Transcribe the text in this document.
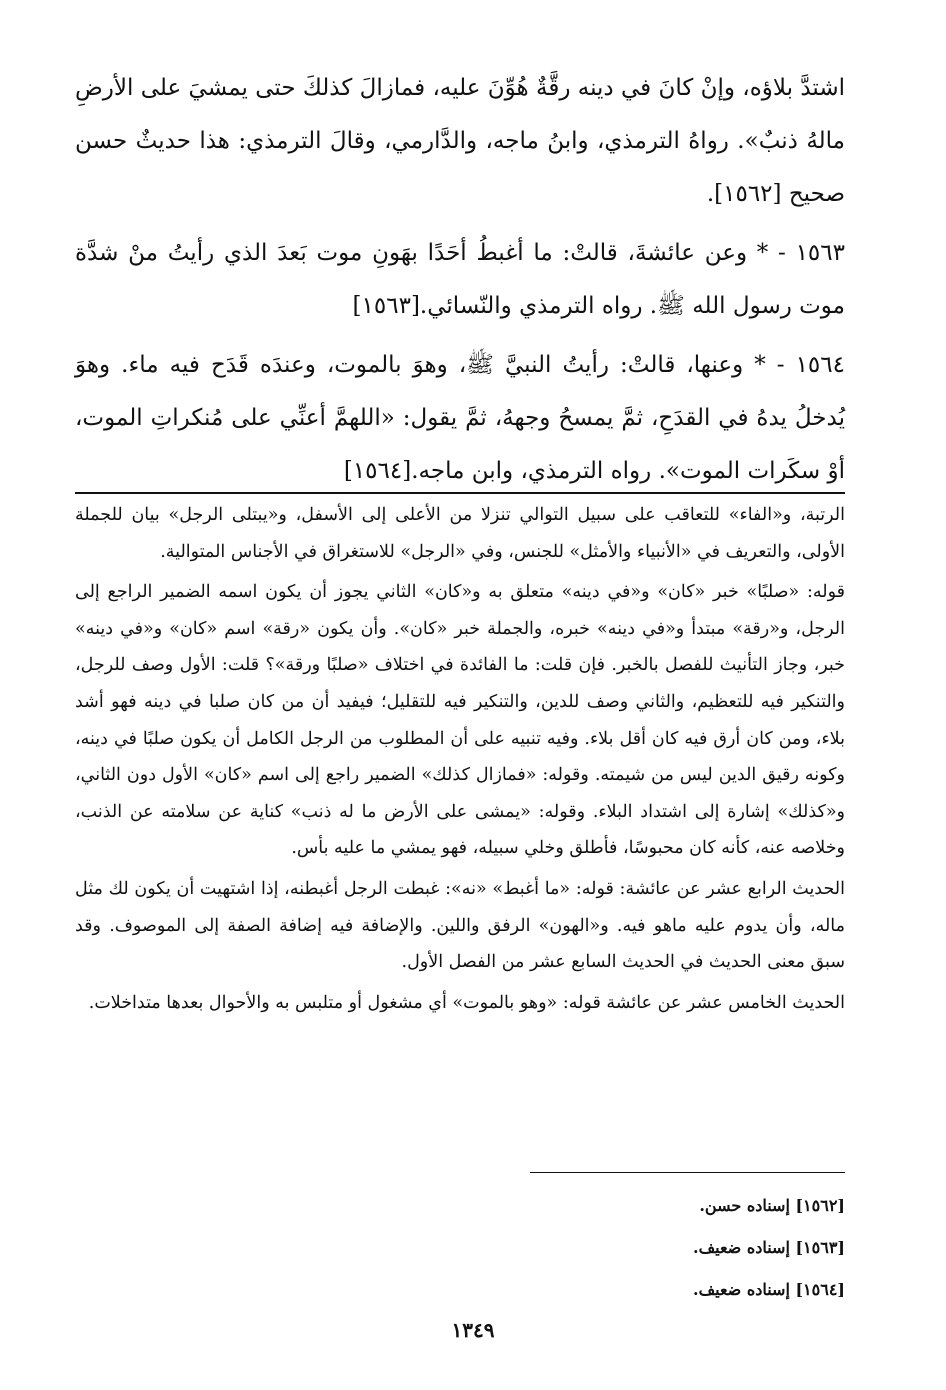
اشتدَّ بلاؤه، وإنْ كانَ في دينه رقَّةٌ هُوِّنَ عليه، فمازالَ كذلكَ حتى يمشيَ على الأرضِ مالهُ ذنبٌ». رواهُ الترمذي، وابنُ ماجه، والدَّارمي، وقالَ الترمذي: هذا حديثٌ حسن صحيح [١٥٦٢].

١٥٦٣ - * وعن عائشةَ، قالتْ: ما أغبطُ أحَدًا بهَونِ موت بَعدَ الذي رأيتُ منْ شدَّة موت رسول الله ﷺ. رواه الترمذي والنّسائي.[١٥٦٣]

١٥٦٤ - * وعنها، قالتْ: رأيتُ النبيَّ ﷺ، وهوَ بالموت، وعندَه قَدَح فيه ماء. وهوَ يُدخلُ يدهُ في القدَحِ، ثمَّ يمسحُ وجههُ، ثمَّ يقول: «اللهمَّ أعنِّي على مُنكراتِ الموت، أوْ سكَرات الموت». رواه الترمذي، وابن ماجه.[١٥٦٤]

الرتبة، و«الفاء» للتعاقب على سبيل التوالي تنزلا من الأعلى إلى الأسفل، و«يبتلى الرجل» بيان للجملة الأولى، والتعريف في «الأنبياء والأمثل» للجنس، وفي «الرجل» للاستغراق في الأجناس المتوالية.

قوله: «صلبًا» خبر «كان» و«في دينه» متعلق به و«كان» الثاني يجوز أن يكون اسمه الضمير الراجع إلى الرجل، و«رقة» مبتدأ و«في دينه» خبره، والجملة خبر «كان». وأن يكون «رقة» اسم «كان» و«في دينه» خبر، وجاز التأنيث للفصل بالخبر. فإن قلت: ما الفائدة في اختلاف «صلبًا ورقة»؟ قلت: الأول وصف للرجل، والتنكير فيه للتعظيم، والثاني وصف للدين، والتنكير فيه للتقليل؛ فيفيد أن من كان صلبا في دينه فهو أشد بلاء، ومن كان أرق فيه كان أقل بلاء. وفيه تنبيه على أن المطلوب من الرجل الكامل أن يكون صلبًا في دينه، وكونه رقيق الدين ليس من شيمته. وقوله: «فمازال كذلك» الضمير راجع إلى اسم «كان» الأول دون الثاني، و«كذلك» إشارة إلى اشتداد البلاء. وقوله: «يمشى على الأرض ما له ذنب» كناية عن سلامته عن الذنب، وخلاصه عنه، كأنه كان محبوسًا، فأطلق وخلي سبيله، فهو يمشي ما عليه بأس.

الحديث الرابع عشر عن عائشة: قوله: «ما أغبط» «نه»: غبطت الرجل أغبطنه، إذا اشتهيت أن يكون لك مثل ماله، وأن يدوم عليه ماهو فيه. و«الهون» الرفق واللين. والإضافة فيه إضافة الصفة إلى الموصوف. وقد سبق معنى الحديث في الحديث السابع عشر من الفصل الأول.

الحديث الخامس عشر عن عائشة قوله: «وهو بالموت» أي مشغول أو متلبس به والأحوال بعدها متداخلات.

[١٥٦٢] إسناده حسن.
[١٥٦٣] إسناده ضعيف.
[١٥٦٤] إسناده ضعيف.
١٣٤٩
